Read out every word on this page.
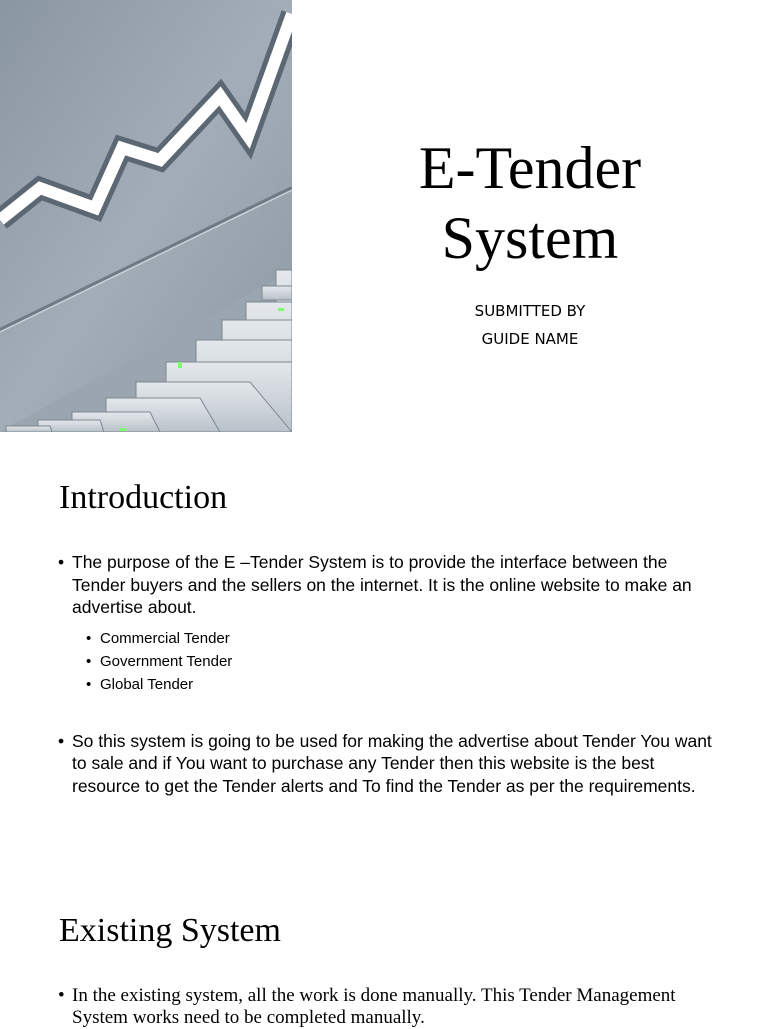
E-Tender
System
SUBMITTED BY
GUIDE NAME
Introduction
• The purpose of the E –Tender System is to provide the interface between the Tender buyers and the sellers on the internet. It is the online website to make an advertise about.
• Commercial Tender
• Government Tender
• Global Tender
• So this system is going to be used for making the advertise about Tender You want to sale and if You want to purchase any Tender then this website is the best resource to get the Tender alerts and To find the Tender as per the requirements.
Existing System
• In the existing system, all the work is done manually. This Tender Management System works need to be completed manually.
